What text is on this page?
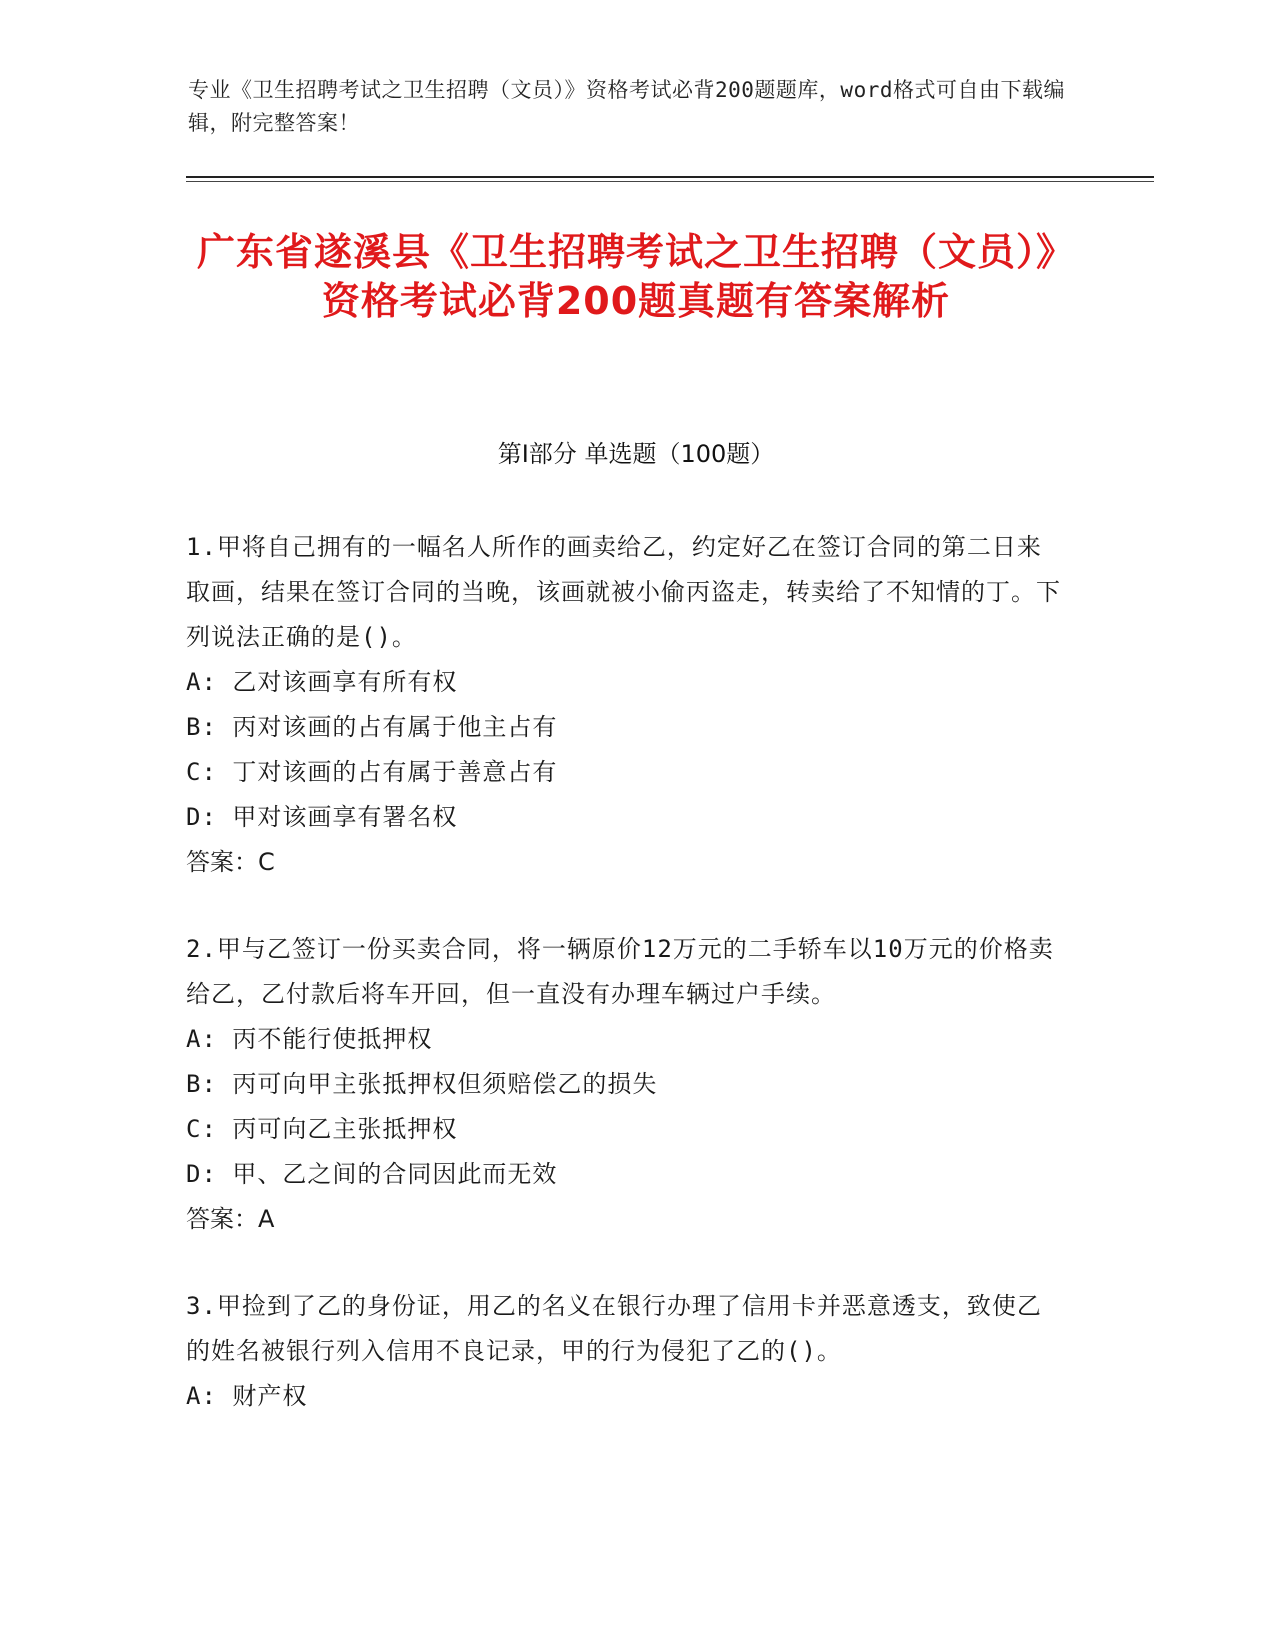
专业《卫生招聘考试之卫生招聘（文员）》资格考试必背200题题库，word格式可自由下载编辑，附完整答案！
广东省遂溪县《卫生招聘考试之卫生招聘（文员）》资格考试必背200题真题有答案解析
第Ⅰ部分 单选题（100题）

1.甲将自己拥有的一幅名人所作的画卖给乙，约定好乙在签订合同的第二日来取画，结果在签订合同的当晚，该画就被小偷丙盗走，转卖给了不知情的丁。下列说法正确的是()。

A: 乙对该画享有所有权

B: 丙对该画的占有属于他主占有

C: 丁对该画的占有属于善意占有

D: 甲对该画享有署名权

答案：C

2.甲与乙签订一份买卖合同，将一辆原价12万元的二手轿车以10万元的价格卖给乙，乙付款后将车开回，但一直没有办理车辆过户手续。

A: 丙不能行使抵押权

B: 丙可向甲主张抵押权但须赔偿乙的损失

C: 丙可向乙主张抵押权

D: 甲、乙之间的合同因此而无效

答案：A

3.甲捡到了乙的身份证，用乙的名义在银行办理了信用卡并恶意透支，致使乙的姓名被银行列入信用不良记录，甲的行为侵犯了乙的()。

A: 财产权
